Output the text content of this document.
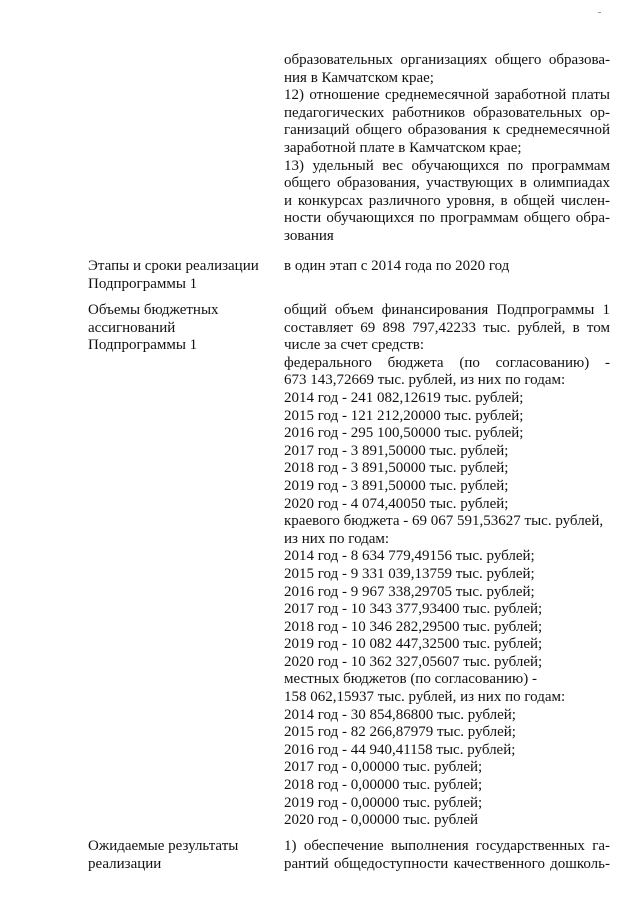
образовательных организациях общего образова-
ния в Камчатском крае;
12) отношение среднемесячной заработной платы
педагогических работников образовательных ор-
ганизаций общего образования к среднемесячной
заработной плате в Камчатском крае;
13) удельный вес обучающихся по программам
общего образования, участвующих в олимпиадах
и конкурсах различного уровня, в общей числен-
ности обучающихся по программам общего обра-
зования
Этапы и сроки реализации
Подпрограммы 1
в один этап с 2014 года по 2020 год
Объемы бюджетных
ассигнований
Подпрограммы 1
общий объем финансирования Подпрограммы 1
составляет 69 898 797,42233 тыс. рублей, в том
числе за счет средств:
федерального бюджета (по согласованию) -
673 143,72669 тыс. рублей, из них по годам:
2014 год - 241 082,12619 тыс. рублей;
2015 год - 121 212,20000 тыс. рублей;
2016 год - 295 100,50000 тыс. рублей;
2017 год - 3 891,50000 тыс. рублей;
2018 год - 3 891,50000 тыс. рублей;
2019 год - 3 891,50000 тыс. рублей;
2020 год - 4 074,40050 тыс. рублей;
краевого бюджета - 69 067 591,53627 тыс. рублей,
из них по годам:
2014 год - 8 634 779,49156 тыс. рублей;
2015 год - 9 331 039,13759 тыс. рублей;
2016 год - 9 967 338,29705 тыс. рублей;
2017 год - 10 343 377,93400 тыс. рублей;
2018 год - 10 346 282,29500 тыс. рублей;
2019 год - 10 082 447,32500 тыс. рублей;
2020 год - 10 362 327,05607 тыс. рублей;
местных бюджетов (по согласованию) -
158 062,15937 тыс. рублей, из них по годам:
2014 год - 30 854,86800 тыс. рублей;
2015 год - 82 266,87979 тыс. рублей;
2016 год - 44 940,41158 тыс. рублей;
2017 год - 0,00000 тыс. рублей;
2018 год - 0,00000 тыс. рублей;
2019 год - 0,00000 тыс. рублей;
2020 год - 0,00000 тыс. рублей
Ожидаемые результаты
реализации
1) обеспечение выполнения государственных га-
рантий общедоступности качественного дошколь-
